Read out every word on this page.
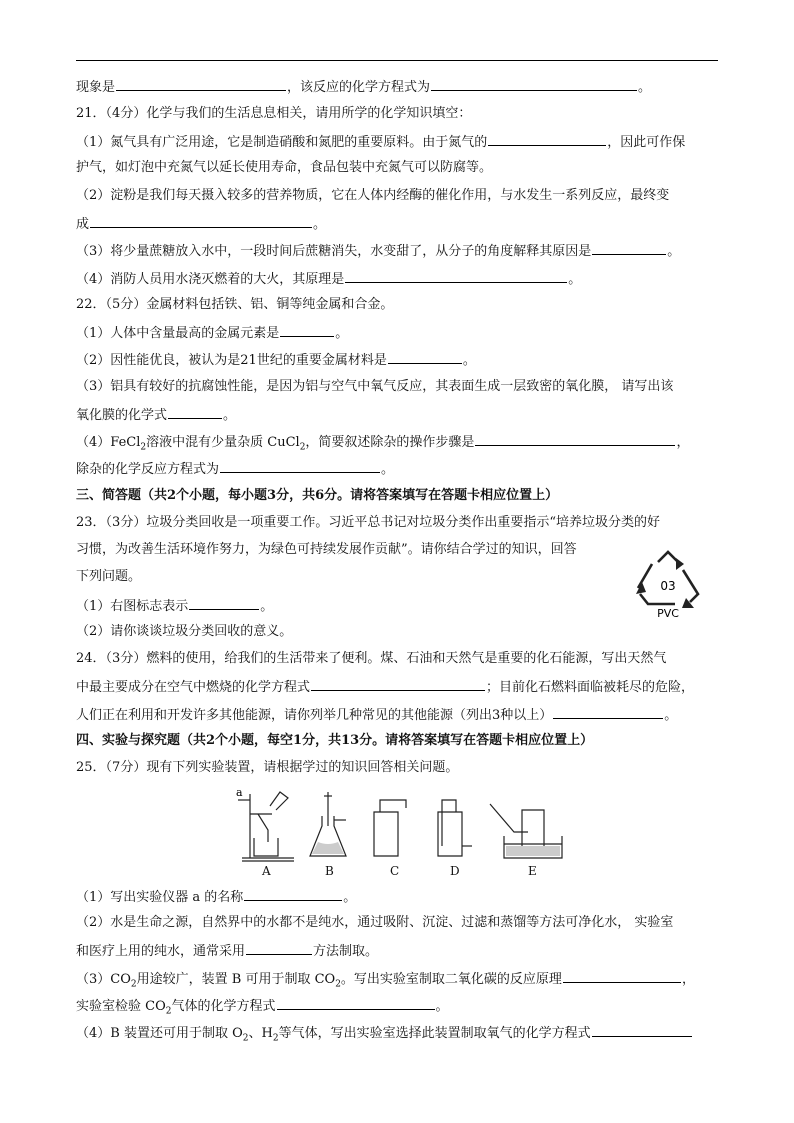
现象是	，该反应的化学方程式为	。
21．（4分）化学与我们的生活息息相关，请用所学的化学知识填空：
（1）氮气具有广泛用途，它是制造硝酸和氮肥的重要原料。由于氮气的	，因此可作保
护气，如灯泡中充氮气以延长使用寿命，食品包装中充氮气可以防腐等。
（2）淀粉是我们每天摄入较多的营养物质，它在人体内经酶的催化作用，与水发生一系列反应，最终变
成	。
（3）将少量蔗糖放入水中，一段时间后蔗糖消失，水变甜了，从分子的角度解释其原因是	。
（4）消防人员用水浇灭燃着的大火，其原理是	。
22．（5分）金属材料包括铁、铝、铜等纯金属和合金。
（1）人体中含量最高的金属元素是	。
（2）因性能优良，被认为是21世纪的重要金属材料是	。
（3）铝具有较好的抗腐蚀性能，是因为铝与空气中氧气反应，其表面生成一层致密的氧化膜， 请写出该
氧化膜的化学式	。
（4）FeCl$_2$溶液中混有少量杂质 CuCl$_2$，简要叙述除杂的操作步骤是	，
除杂的化学反应方程式为	。
三、简答题（共2个小题，每小题3分，共6分。请将答案填写在答题卡相应位置上）
23．（3分）垃圾分类回收是一项重要工作。习近平总书记对垃圾分类作出重要指示“培养垃圾分类的好
习惯，为改善生活环境作努力，为绿色可持续发展作贡献”。请你结合学过的知识，回答
下列问题。
（1）右图标志表示	。
（2）请你谈谈垃圾分类回收的意义。
03
PVC
24．（3分）燃料的使用，给我们的生活带来了便利。煤、石油和天然气是重要的化石能源，写出天然气
中最主要成分在空气中燃烧的化学方程式	；目前化石燃料面临被耗尽的危险，
人们正在利用和开发许多其他能源，请你列举几种常见的其他能源（列出3种以上）	。
四、实验与探究题（共2个小题，每空1分，共13分。请将答案填写在答题卡相应位置上）
25．（7分）现有下列实验装置，请根据学过的知识回答相关问题。
a
A	B	C	D	E
（1）写出实验仪器 a 的名称	。
（2）水是生命之源，自然界中的水都不是纯水，通过吸附、沉淀、过滤和蒸馏等方法可净化水， 实验室
和医疗上用的纯水，通常采用	方法制取。
$(3)CO_2$用途较广，装置 B 可用于制取 $CO_2$。写出实验室制取二氧化碳的反应原理	，
实验室检验 $CO_2$气体的化学方程式	。
（4）B 装置还可用于制取 $O_2$、$H_2$等气体，写出实验室选择此装置制取氧气的化学方程式
